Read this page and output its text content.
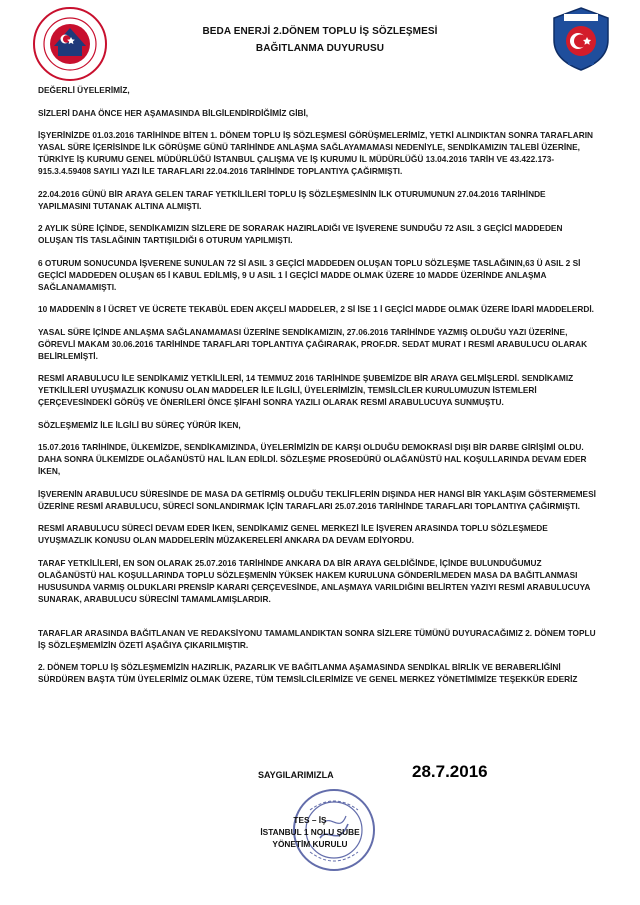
BEDA ENERJİ 2.DÖNEM TOPLU İŞ SÖZLEŞMESİ
BAĞITLANMA DUYURUSU

DEĞERLİ ÜYELERİMİZ,

SİZLERİ DAHA ÖNCE HER AŞAMASINDA BİLGİLENDİRDİĞİMİZ GİBİ,

İŞYERİNİZDE 01.03.2016 TARİHİNDE BİTEN 1. DÖNEM TOPLU İŞ SÖZLEŞMESİ GÖRÜŞMELERİMİZ, YETKİ ALINDIKTAN SONRA TARAFLARIN YASAL SÜRE İÇERİSİNDE İLK GÖRÜŞME GÜNÜ TARİHİNDE ANLAŞMA SAĞLAYAMAMASI NEDENİYLE, SENDİKAMIZIN TALEBİ ÜZERİNE, TÜRKİYE İŞ KURUMU GENEL MÜDÜRLÜĞÜ İSTANBUL ÇALIŞMA VE İŞ KURUMU İL MÜDÜRLÜĞÜ 13.04.2016 TARİH VE 43.422.173-915.3.4.59408 SAYILI YAZI İLE TARAFLARI 22.04.2016 TARİHİNDE TOPLANTIYA ÇAĞIRMIŞTI.

22.04.2016 GÜNÜ BİR ARAYA GELEN TARAF YETKİLİLERİ TOPLU İŞ SÖZLEŞMESİNİN İLK OTURUMUNUN 27.04.2016 TARİHİNDE YAPILMASINI TUTANAK ALTINA ALMIŞTI.

2 AYLIK SÜRE İÇİNDE, SENDİKAMIZIN SİZLERE DE SORARAK HAZIRLADIĞI VE İŞVERENE SUNDUĞU 72 ASIL 3 GEÇİCİ MADDEDEN OLUŞAN TİS TASLAĞININ TARTIŞILDIĞI 6 OTURUM YAPILMIŞTI.

6 OTURUM SONUCUNDA İŞVERENE SUNULAN 72 Sİ ASIL 3 GEÇİCİ MADDEDEN OLUŞAN TOPLU SÖZLEŞME TASLAĞININ,63 Ü ASIL 2 Sİ GEÇİCİ MADDEDEN OLUŞAN 65 İ KABUL EDİLMİŞ, 9 U ASIL 1 İ GEÇİCİ MADDE OLMAK ÜZERE 10 MADDE ÜZERİNDE ANLAŞMA SAĞLANAMAMIŞTI.

10 MADDENİN 8 İ ÜCRET VE ÜCRETE TEKABÜL EDEN AKÇELİ MADDELER, 2 Sİ İSE 1 İ GEÇİCİ MADDE OLMAK ÜZERE İDARİ MADDELERDİ.

YASAL SÜRE İÇİNDE ANLAŞMA SAĞLANAMAMASI ÜZERİNE SENDİKAMIZIN, 27.06.2016 TARİHİNDE YAZMIŞ OLDUĞU YAZI ÜZERİNE, GÖREVLİ MAKAM 30.06.2016 TARİHİNDE TARAFLARI TOPLANTIYA ÇAĞIRARAK, PROF.DR. SEDAT MURAT I RESMİ ARABULUCU OLARAK BELİRLEMİŞTİ.

RESMİ ARABULUCU İLE SENDİKAMIZ YETKİLİLERİ, 14 TEMMUZ 2016 TARİHİNDE ŞUBEMİZDE BİR ARAYA GELMİŞLERDİ. SENDİKAMIZ YETKİLİLERİ UYUŞMAZLIK KONUSU OLAN MADDELER İLE İLGİLİ, ÜYELERİMİZİN, TEMSİLCİLER KURULUMUZUN İSTEMLERİ ÇERÇEVESİNDEKİ GÖRÜŞ VE ÖNERİLERİ ÖNCE ŞİFAHİ SONRA YAZILI OLARAK RESMİ ARABULUCUYA SUNMUŞTU.

SÖZLEŞMEMİZ İLE İLGİLİ BU SÜREÇ YÜRÜR İKEN,

15.07.2016 TARİHİNDE, ÜLKEMİZDE, SENDİKAMIZINDA, ÜYELERİMİZİN DE KARŞI OLDUĞU DEMOKRASİ DIŞI BİR DARBE GİRİŞİMİ OLDU. DAHA SONRA ÜLKEMİZDE OLAĞANÜSTÜ HAL İLAN EDİLDİ. SÖZLEŞME PROSEDÜRÜ OLAĞANÜSTÜ HAL KOŞULLARINDA DEVAM EDER İKEN,

İŞVERENİN ARABULUCU SÜRESİNDE DE MASA DA GETİRMİŞ OLDUĞU TEKLİFLERİN DIŞINDA HER HANGİ BİR YAKLAŞIM GÖSTERMEMESİ ÜZERİNE RESMİ ARABULUCU, SÜRECİ SONLANDIRMAK İÇİN TARAFLARI 25.07.2016 TARİHİNDE TARAFLARI TOPLANTIYA ÇAĞIRMIŞTI.

RESMİ ARABULUCU SÜRECİ DEVAM EDER İKEN, SENDİKAMIZ GENEL MERKEZİ İLE İŞVEREN ARASINDA TOPLU SÖZLEŞMEDE UYUŞMAZLIK KONUSU OLAN MADDELERİN MÜZAKERELERİ ANKARA DA DEVAM EDİYORDU.

TARAF YETKİLİLERİ, EN SON OLARAK 25.07.2016 TARİHİNDE ANKARA DA BİR ARAYA GELDİĞİNDE, İÇİNDE BULUNDUĞUMUZ OLAĞANÜSTÜ HAL KOŞULLARINDA TOPLU SÖZLEŞMENİN YÜKSEK HAKEM KURULUNA GÖNDERİLMEDEN MASA DA BAĞITLANMASI HUSUSUNDA VARMIŞ OLDUKLARI PRENSİP KARARI ÇERÇEVESİNDE, ANLAŞMAYA VARILDIĞINI BELİRTEN YAZIYI RESMİ ARABULUCUYA SUNARAK, ARABULUCU SÜRECİNİ TAMAMLAMIŞLARDIR.

TARAFLAR ARASINDA BAĞITLANAN VE REDAKSİYONU TAMAMLANDIKTAN SONRA SİZLERE TÜMÜNÜ DUYURACAĞIMIZ 2. DÖNEM TOPLU İŞ SÖZLEŞMEMİZİN ÖZETİ AŞAĞIYA ÇIKARILMIŞTIR.

2. DÖNEM TOPLU İŞ SÖZLEŞMEMİZİN HAZIRLIK, PAZARLIK VE BAĞITLANMA AŞAMASINDA SENDİKAL BİRLİK VE BERABERLİĞİNİ SÜRDÜREN BAŞTA TÜM ÜYELERİMİZ OLMAK ÜZERE, TÜM TEMSİLCİLERİMİZE VE GENEL MERKEZ YÖNETİMİMİZE TEŞEKKÜR EDERİZ

SAYGILARIMIZLA	28.7.2016
TES – İŞ
İSTANBUL 1 NOLU ŞUBE
YÖNETİM KURULU
